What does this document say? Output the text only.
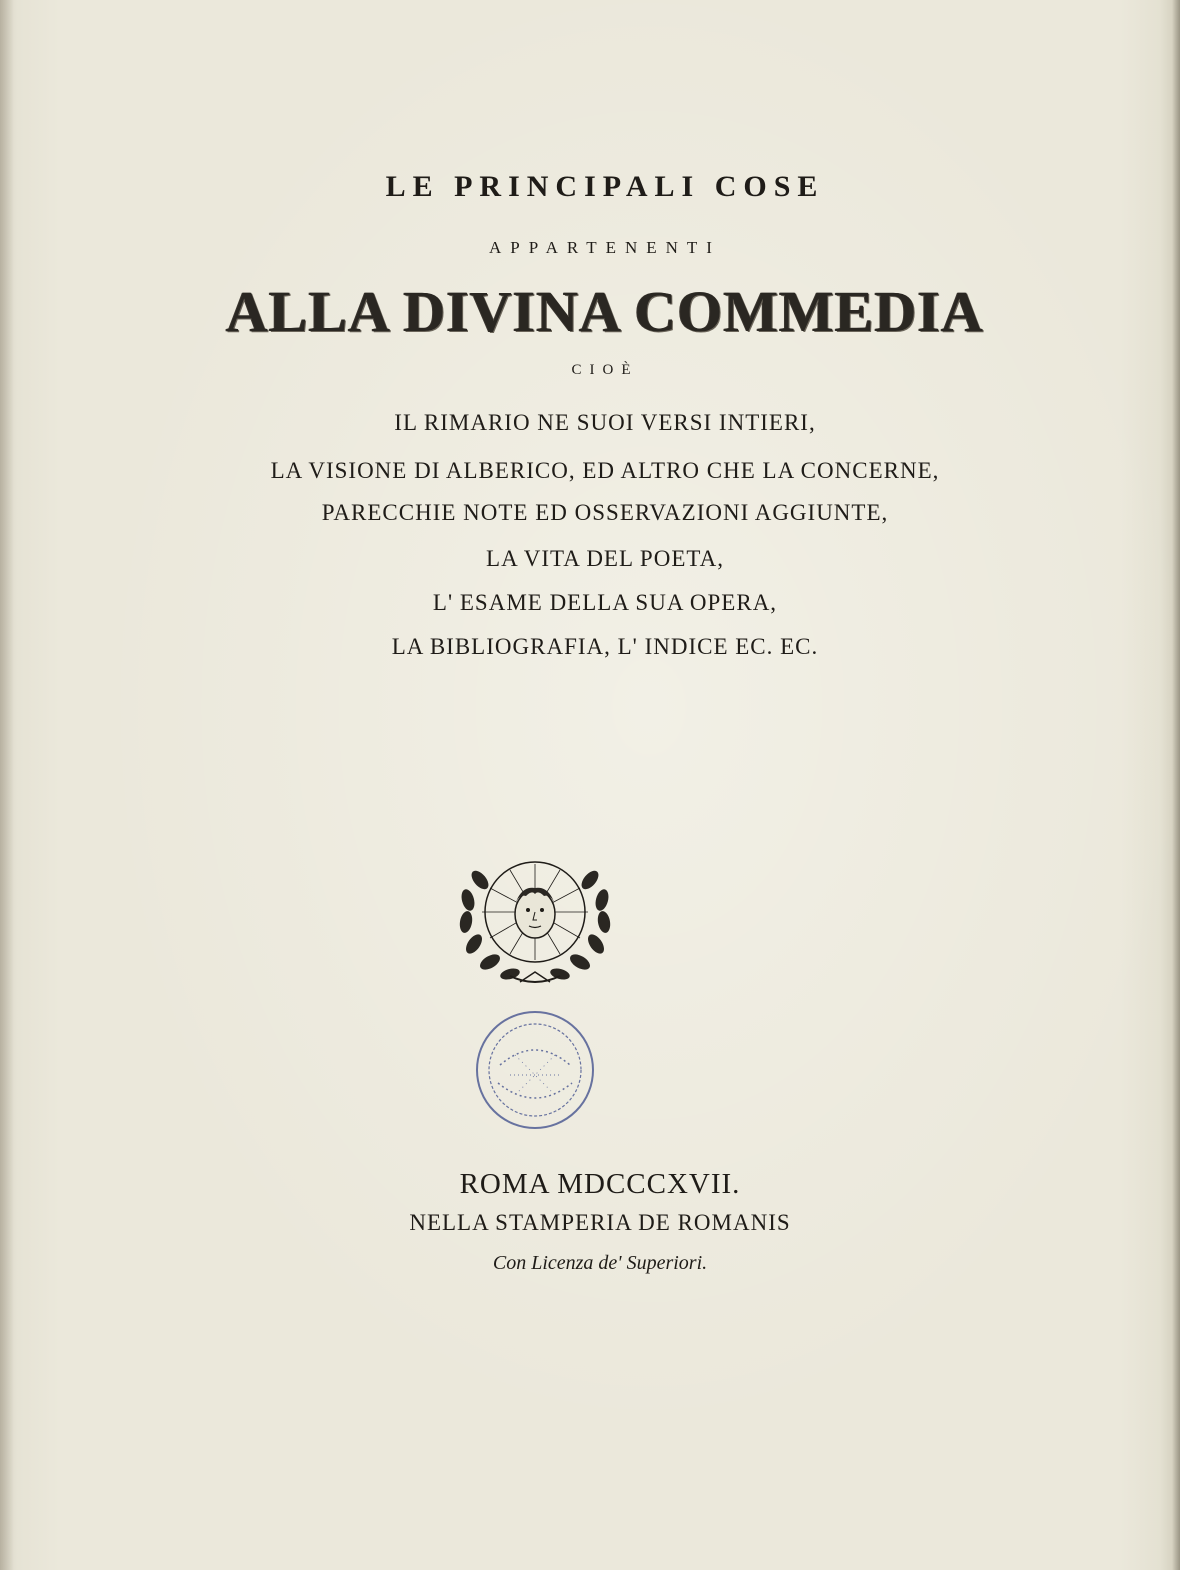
LE PRINCIPALI COSE
APPARTENENTI
ALLA DIVINA COMMEDIA
CIOÈ
IL RIMARIO NE SUOI VERSI INTIERI,
LA VISIONE DI ALBERICO, ED ALTRO CHE LA CONCERNE,
PARECCHIE NOTE ED OSSERVAZIONI AGGIUNTE,
LA VITA DEL POETA,
L' ESAME DELLA SUA OPERA,
LA BIBLIOGRAFIA, L' INDICE EC. EC.
ROMA MDCCCXVII.
NELLA STAMPERIA DE ROMANIS
Con Licenza de' Superiori.
